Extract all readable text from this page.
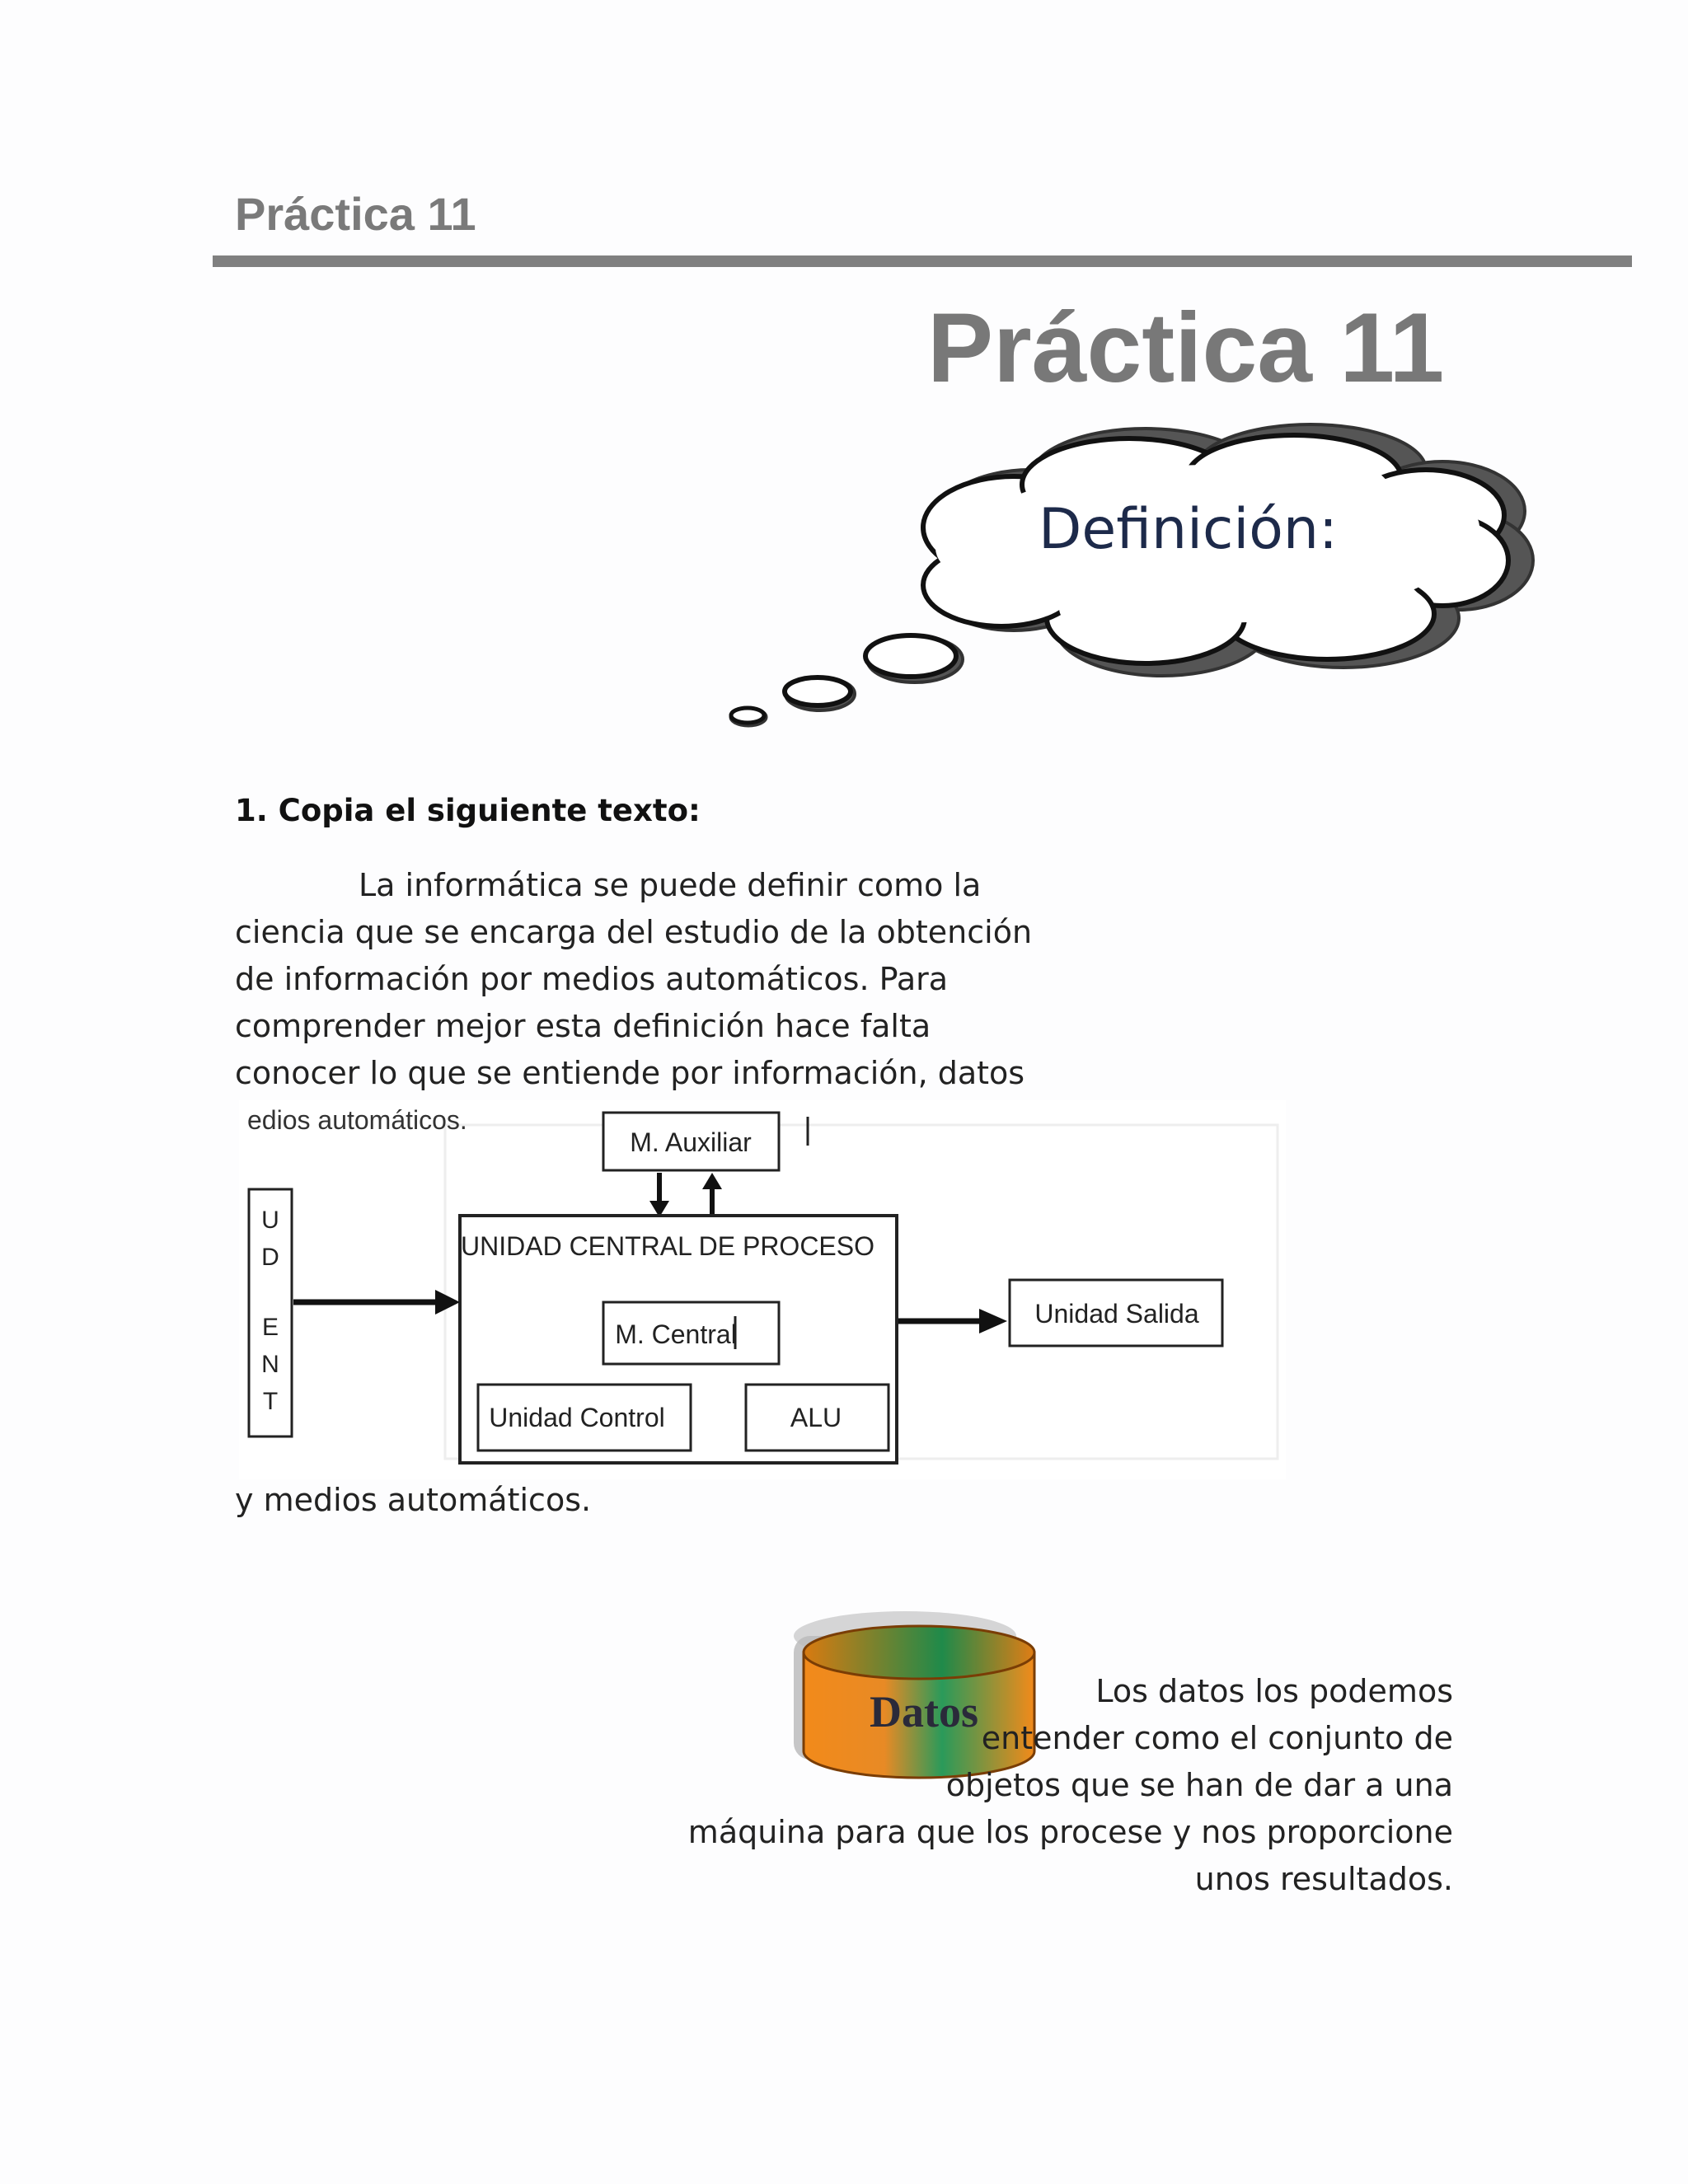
Práctica 11
Práctica 11
Definición:
1. Copia el siguiente texto:
La informática se puede definir como la
ciencia que se encarga del estudio de la obtención
de información por medios automáticos. Para
comprender mejor esta definición hace falta
conocer lo que se entiende por información, datos
edios automáticos.
M. Auxiliar
UNIDAD CENTRAL DE PROCESO
M. Central
Unidad Control	ALU
U
D
E
N
T
Unidad Salida
y medios automáticos.
Datos	Los datos los podemos
entender como el conjunto de
objetos que se han de dar a una
máquina para que los procese y nos proporcione
unos resultados.
